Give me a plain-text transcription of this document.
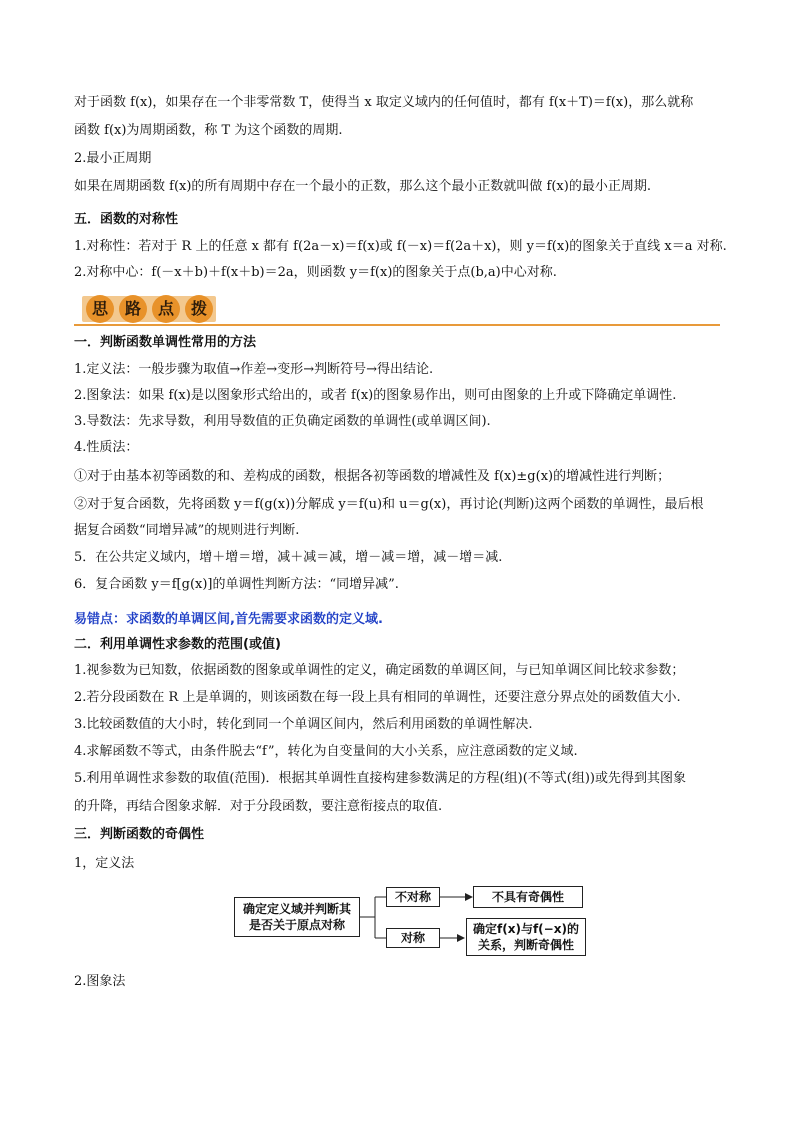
对于函数 f(x)，如果存在一个非零常数 T，使得当 x 取定义域内的任何值时，都有 f(x＋T)＝f(x)，那么就称
函数 f(x)为周期函数，称 T 为这个函数的周期.
2.最小正周期
如果在周期函数 f(x)的所有周期中存在一个最小的正数，那么这个最小正数就叫做 f(x)的最小正周期.
五．函数的对称性
1.对称性：若对于 R 上的任意 x 都有 f(2a－x)＝f(x)或 f(－x)＝f(2a＋x)，则 y＝f(x)的图象关于直线 x＝a 对称.
2.对称中心：f(－x＋b)＋f(x＋b)＝2a，则函数 y＝f(x)的图象关于点(b,a)中心对称.
思	路	点	拨
一．判断函数单调性常用的方法
1.定义法：一般步骤为取值→作差→变形→判断符号→得出结论.
2.图象法：如果 f(x)是以图象形式给出的，或者 f(x)的图象易作出，则可由图象的上升或下降确定单调性.
3.导数法：先求导数，利用导数值的正负确定函数的单调性(或单调区间).
4.性质法：
①对于由基本初等函数的和、差构成的函数，根据各初等函数的增减性及 f(x)±g(x)的增减性进行判断；
②对于复合函数，先将函数 y＝f(g(x))分解成 y＝f(u)和 u＝g(x)，再讨论(判断)这两个函数的单调性，最后根
据复合函数“同增异减”的规则进行判断.
5．在公共定义域内，增＋增＝增，减＋减＝减，增－减＝增，减－增＝减.
6．复合函数 y＝f[g(x)]的单调性判断方法：“同增异减”.
易错点：求函数的单调区间,首先需要求函数的定义域.
二．利用单调性求参数的范围(或值)
1.视参数为已知数，依据函数的图象或单调性的定义，确定函数的单调区间，与已知单调区间比较求参数；
2.若分段函数在 R 上是单调的，则该函数在每一段上具有相同的单调性，还要注意分界点处的函数值大小.
3.比较函数值的大小时，转化到同一个单调区间内，然后利用函数的单调性解决.
4.求解函数不等式，由条件脱去“f”，转化为自变量间的大小关系，应注意函数的定义域.
5.利用单调性求参数的取值(范围)．根据其单调性直接构建参数满足的方程(组)(不等式(组))或先得到其图象
的升降，再结合图象求解．对于分段函数，要注意衔接点的取值.
三．判断函数的奇偶性
1，定义法
确定定义域并判断其
是否关于原点对称
不对称	不具有奇偶性
对称
确定f(x)与f(−x)的
关系，判断奇偶性
2.图象法
